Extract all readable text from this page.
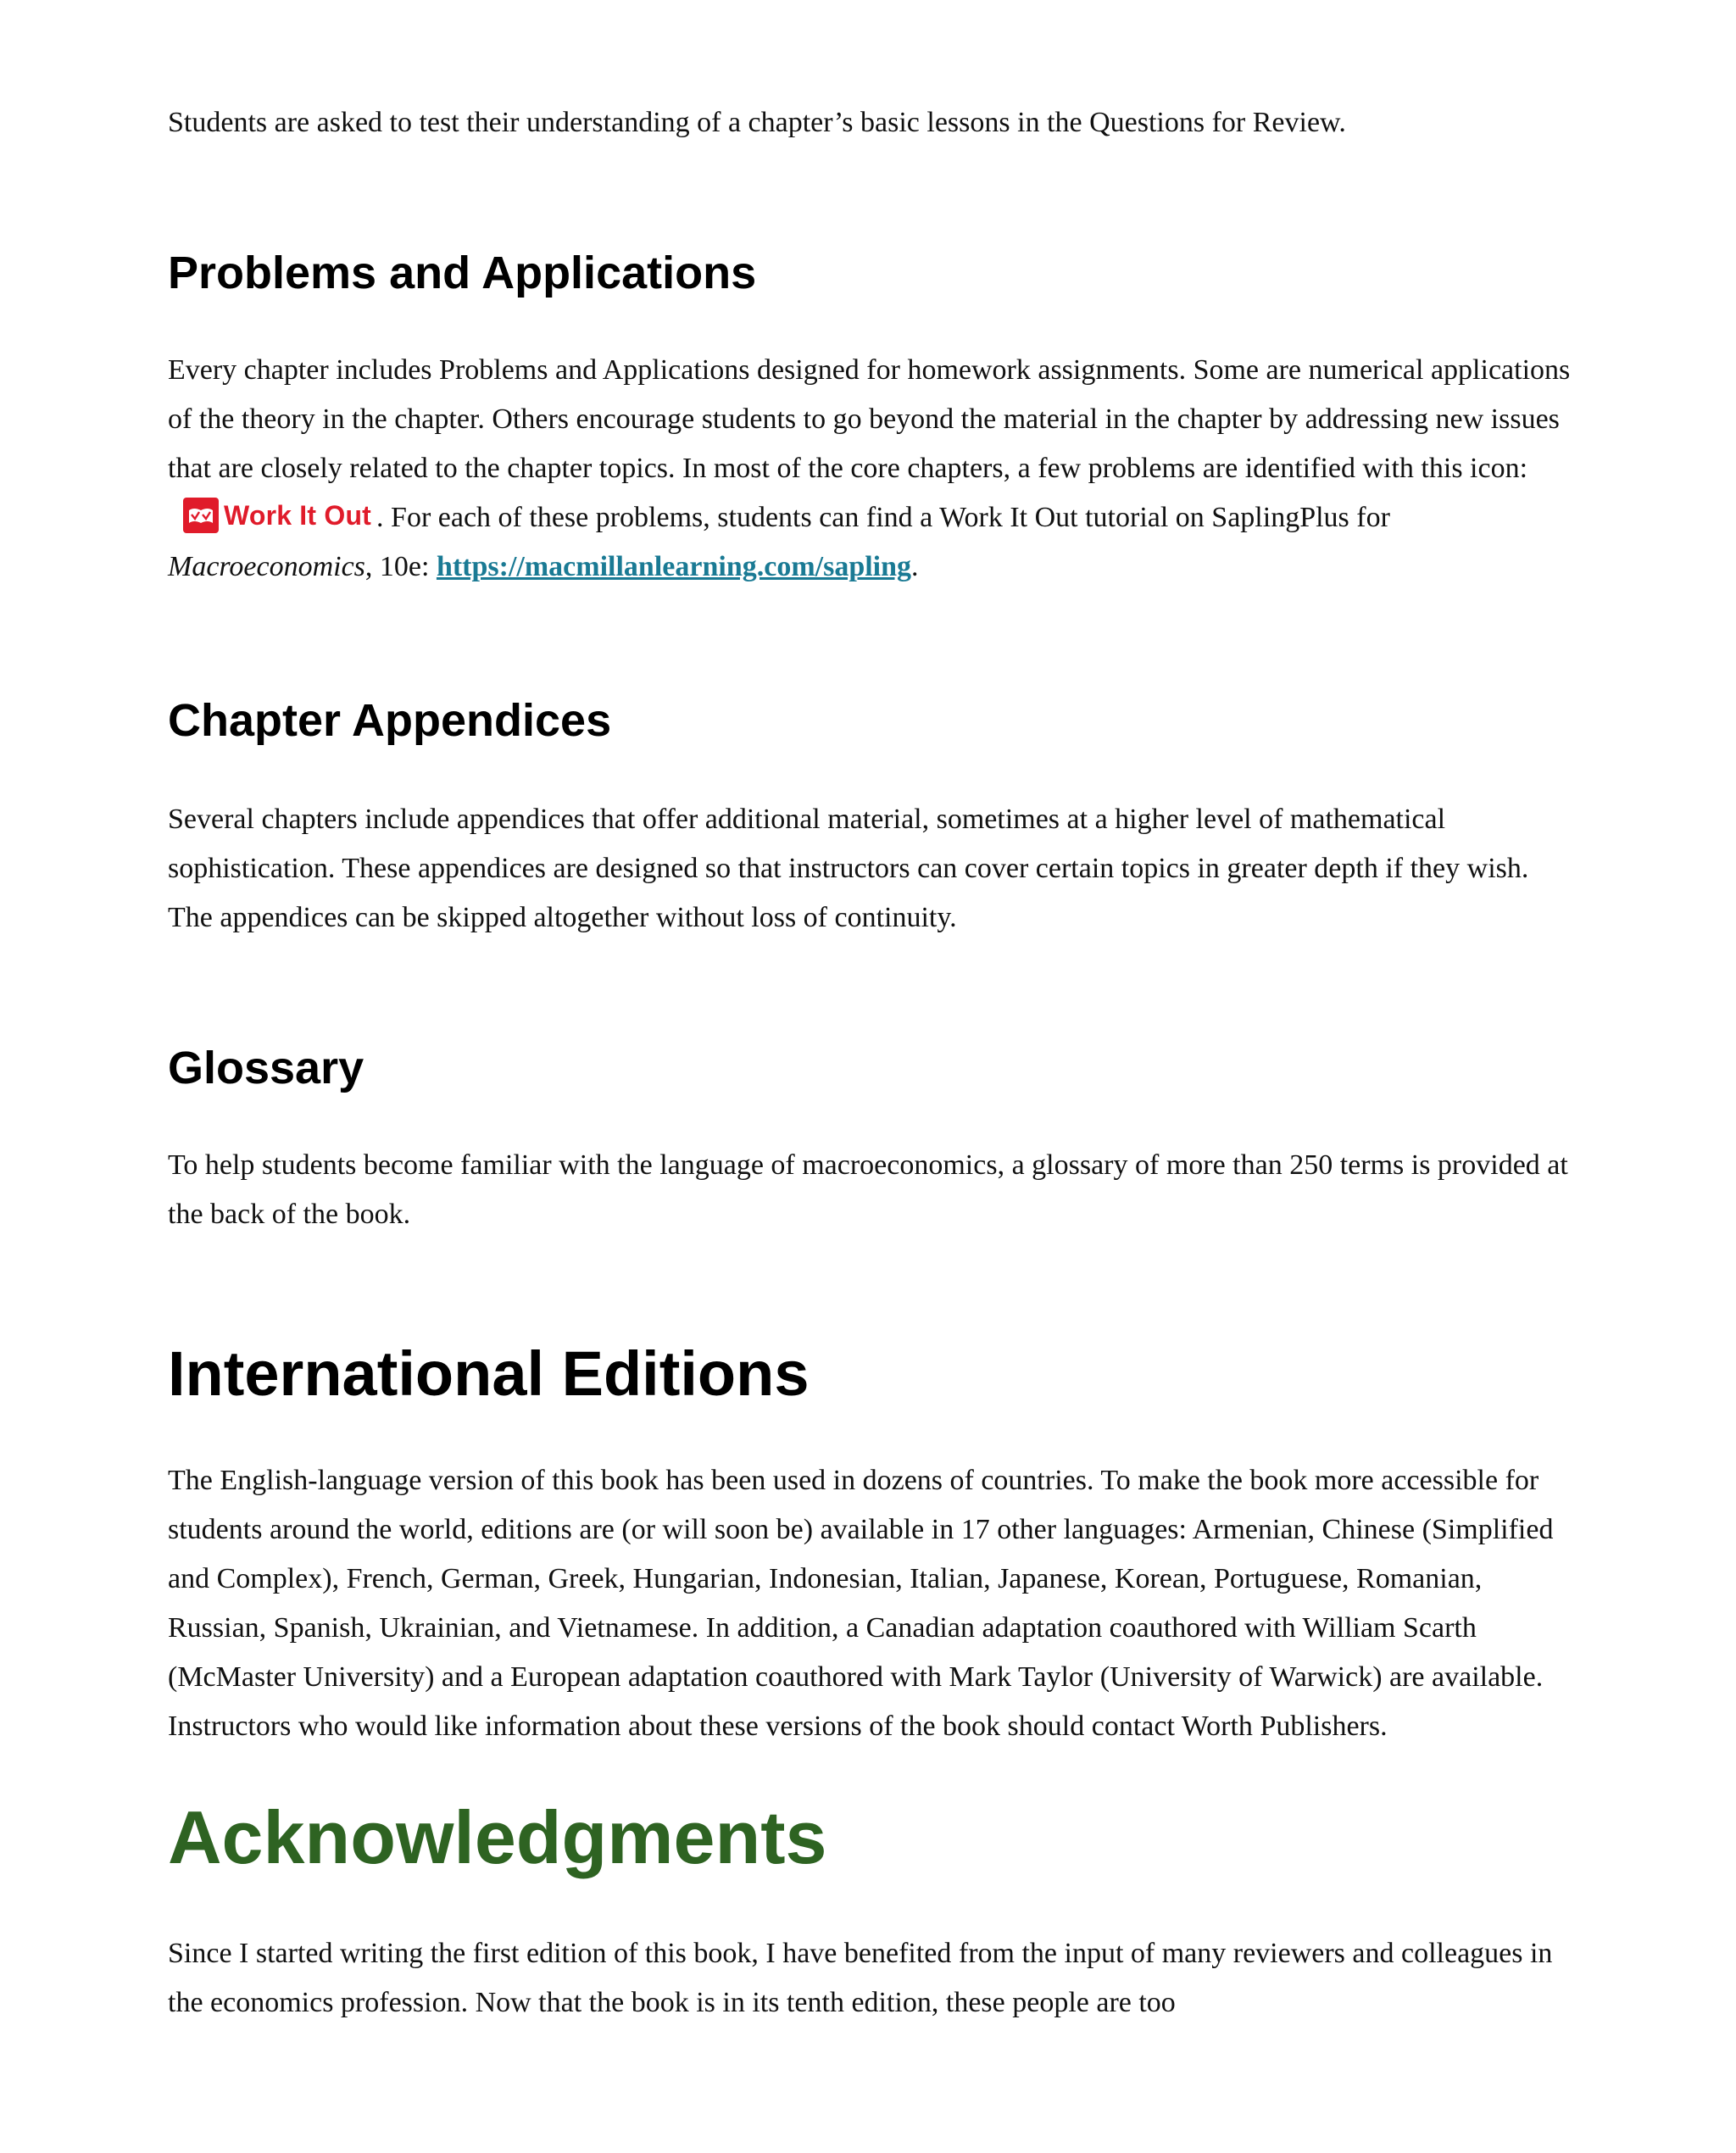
Students are asked to test their understanding of a chapter’s basic lessons in the Questions for Review.

Problems and Applications

Every chapter includes Problems and Applications designed for homework assignments. Some are numerical applications of the theory in the chapter. Others encourage students to go beyond the material in the chapter by addressing new issues that are closely related to the chapter topics. In most of the core chapters, a few problems are identified with this icon:
Work It Out . For each of these problems, students can find a Work It Out tutorial on SaplingPlus for Macroeconomics, 10e: https://macmillanlearning.com/sapling.

Chapter Appendices

Several chapters include appendices that offer additional material, sometimes at a higher level of mathematical sophistication. These appendices are designed so that instructors can cover certain topics in greater depth if they wish. The appendices can be skipped altogether without loss of continuity.

Glossary

To help students become familiar with the language of macroeconomics, a glossary of more than 250 terms is provided at the back of the book.

International Editions

The English-language version of this book has been used in dozens of countries. To make the book more accessible for students around the world, editions are (or will soon be) available in 17 other languages: Armenian, Chinese (Simplified and Complex), French, German, Greek, Hungarian, Indonesian, Italian, Japanese, Korean, Portuguese, Romanian, Russian, Spanish, Ukrainian, and Vietnamese. In addition, a Canadian adaptation coauthored with William Scarth (McMaster University) and a European adaptation coauthored with Mark Taylor (University of Warwick) are available. Instructors who would like information about these versions of the book should contact Worth Publishers.

Acknowledgments

Since I started writing the first edition of this book, I have benefited from the input of many reviewers and colleagues in the economics profession. Now that the book is in its tenth edition, these people are too
